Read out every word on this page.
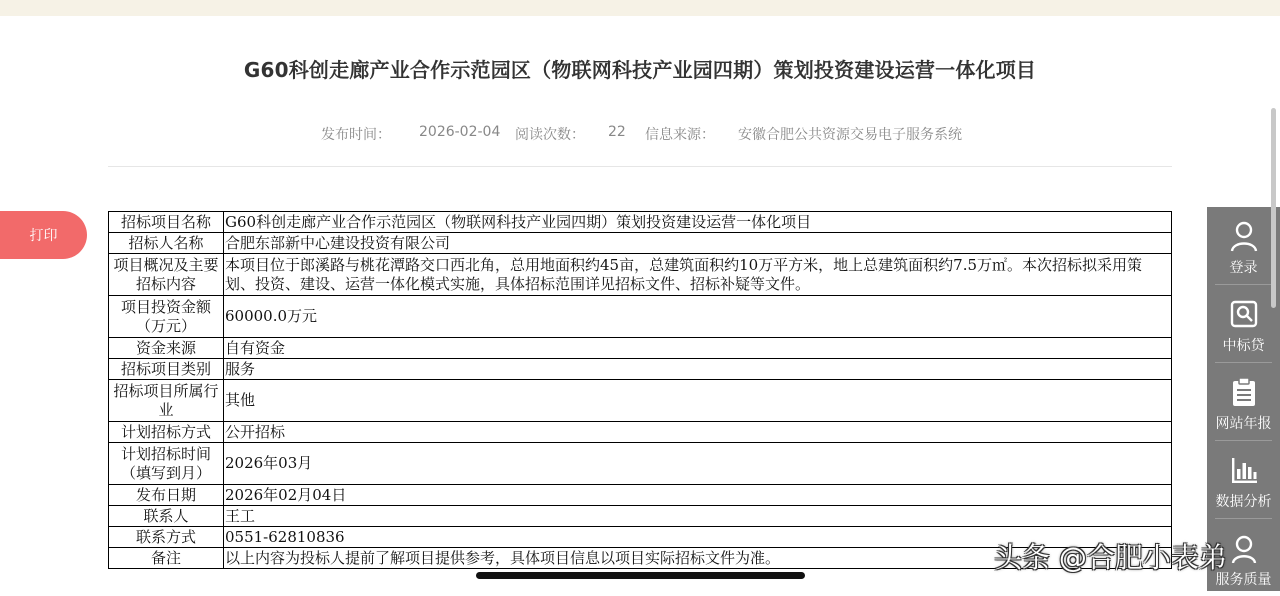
G60科创走廊产业合作示范园区（物联网科技产业园四期）策划投资建设运营一体化项目
发布时间： 2026-02-04 阅读次数： 22 信息来源： 安徽合肥公共资源交易电子服务系统
打印
招标项目名称	G60科创走廊产业合作示范园区（物联网科技产业园四期）策划投资建设运营一体化项目
招标人名称	合肥东部新中心建设投资有限公司
项目概况及主要招标内容	本项目位于郎溪路与桃花潭路交口西北角，总用地面积约45亩，总建筑面积约10万平方米，地上总建筑面积约7.5万㎡。本次招标拟采用策划、投资、建设、运营一体化模式实施，具体招标范围详见招标文件、招标补疑等文件。
项目投资金额（万元）	60000.0万元
资金来源	自有资金
招标项目类别	服务
招标项目所属行业	其他
计划招标方式	公开招标
计划招标时间（填写到月）	2026年03月
发布日期	2026年02月04日
联系人	王工
联系方式	0551-62810836
备注	以上内容为投标人提前了解项目提供参考，具体项目信息以项目实际招标文件为准。
登录
中标贷
网站年报
数据分析
服务质量
头条 @合肥小表弟
